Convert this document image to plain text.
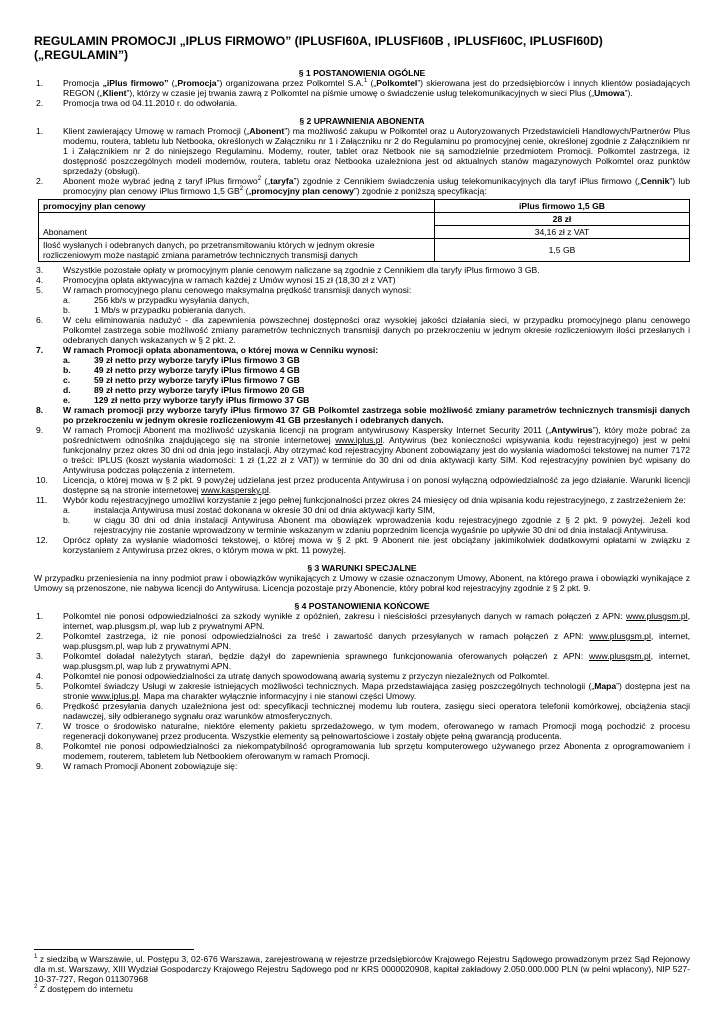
REGULAMIN PROMOCJI „IPLUS FIRMOWO” (IPLUSFI60A, IPLUSFI60B , IPLUSFI60C, IPLUSFI60D)
(„REGULAMIN”)
§ 1 POSTANOWIENIA OGÓLNE
1. Promocja „iPlus firmowo” („Promocja”) organizowana przez Polkomtel S.A.$^1$ („Polkomtel”) skierowana jest do przedsiębiorców i innych klientów posiadających REGON („Klient”), którzy w czasie jej trwania zawrą z Polkomtel na piśmie umowę o świadczenie usług telekomunikacyjnych w sieci Plus („Umowa”).
2. Promocja trwa od 04.11.2010 r. do odwołania.
§ 2 UPRAWNIENIA ABONENTA
1. Klient zawierający Umowę w ramach Promocji („Abonent”) ma możliwość zakupu w Polkomtel oraz u Autoryzowanych Przedstawicieli Handlowych/Partnerów Plus modemu, routera, tabletu lub Netbooka, określonych w Załączniku nr 1 i Załączniku nr 2 do Regulaminu po promocyjnej cenie, określonej zgodnie z Załącznikiem nr 1 i Załącznikiem nr 2 do niniejszego Regulaminu. Modemy, router, tablet oraz Netbook nie są samodzielnie przedmiotem Promocji. Polkomtel zastrzega, iż dostępność poszczególnych modeli modemów, routera, tabletu oraz Netbooka uzależniona jest od aktualnych stanów magazynowych Polkomtel oraz punktów sprzedaży (obsługi).
2. Abonent może wybrać jedną z taryf iPlus firmowo$^2$ („taryfa”) zgodnie z Cennikiem świadczenia usług telekomunikacyjnych dla taryf iPlus firmowo („Cennik”) lub promocyjny plan cenowy iPlus firmowo 1,5 $GB^2$ („promocyjny plan cenowy”) zgodnie z poniższą specyfikacją:
promocyjny plan cenowy	iPlus firmowo 1,5 GB
Abonament	28 zł
	34,16 zł z VAT
Ilość wysłanych i odebranych danych, po przetransmitowaniu których w jednym okresie rozliczeniowym może nastąpić zmiana parametrów technicznych transmisji danych	1,5 GB
3. Wszystkie pozostałe opłaty w promocyjnym planie cenowym naliczane są zgodnie z Cennikiem dla taryfy iPlus firmowo 3 GB.
4. Promocyjna opłata aktywacyjna w ramach każdej z Umów wynosi 15 zł (18,30 zł z VAT)
5. W ramach promocyjnego planu cenowego maksymalna prędkość transmisji danych wynosi:
a.	256 kb/s w przypadku wysyłania danych,
b.	1 Mb/s w przypadku pobierania danych.
6. W celu eliminowania nadużyć - dla zapewnienia powszechnej dostępności oraz wysokiej jakości działania sieci, w przypadku promocyjnego planu cenowego Polkomtel zastrzega sobie możliwość zmiany parametrów technicznych transmisji danych po przekroczeniu w jednym okresie rozliczeniowym ilości przesłanych i odebranych danych wskazanych w § 2 pkt. 2.
7. W ramach Promocji opłata abonamentowa, o której mowa w Cenniku wynosi:
a.	39 zł netto przy wyborze taryfy iPlus firmowo 3 GB
b.	49 zł netto przy wyborze taryfy iPlus firmowo 4 GB
c.	59 zł netto przy wyborze taryfy iPlus firmowo 7 GB
d.	89 zł netto przy wyborze taryfy iPlus firmowo 20 GB
e.	129 zł netto przy wyborze taryfy iPlus firmowo 37 GB
8. W ramach promocji przy wyborze taryfy iPlus firmowo 37 GB Polkomtel zastrzega sobie możliwość zmiany parametrów technicznych transmisji danych po przekroczeniu w jednym okresie rozliczeniowym 41 GB przesłanych i odebranych danych.
9. W ramach Promocji Abonent ma możliwość uzyskania licencji na program antywirusowy Kaspersky Internet Security 2011 („Antywirus”), który może pobrać za pośrednictwem odnośnika znajdującego się na stronie internetowej www.iplus.pl. Antywirus (bez konieczności wpisywania kodu rejestracyjnego) jest w pełni funkcjonalny przez okres 30 dni od dnia jego instalacji. Aby otrzymać kod rejestracyjny Abonent zobowiązany jest do wysłania wiadomości tekstowej na numer 7172 o treści: IPLUS (koszt wysłania wiadomości: 1 zł (1,22 zł z VAT)) w terminie do 30 dni od dnia aktywacji karty SIM. Kod rejestracyjny powinien być wpisany do Antywirusa podczas połączenia z internetem.
10. Licencja, o której mowa w § 2 pkt. 9 powyżej udzielana jest przez producenta Antywirusa i on ponosi wyłączną odpowiedzialność za jego działanie. Warunki licencji dostępne są na stronie internetowej www.kaspersky.pl.
11. Wybór kodu rejestracyjnego umożliwi korzystanie z jego pełnej funkcjonalności przez okres 24 miesięcy od dnia wpisania kodu rejestracyjnego, z zastrzeżeniem że:
a.	instalacja Antywirusa musi zostać dokonana w okresie 30 dni od dnia aktywacji karty SIM,
b.	w ciągu 30 dni od dnia instalacji Antywirusa Abonent ma obowiązek wprowadzenia kodu rejestracyjnego zgodnie z § 2 pkt. 9 powyżej. Jeżeli kod rejestracyjny nie zostanie wprowadzony w terminie wskazanym w zdaniu poprzednim licencja wygaśnie po upływie 30 dni od dnia instalacji Antywirusa.
12. Oprócz opłaty za wysłanie wiadomości tekstowej, o której mowa w § 2 pkt. 9 Abonent nie jest obciążany jakimikolwiek dodatkowymi opłatami w związku z korzystaniem z Antywirusa przez okres, o którym mowa w pkt. 11 powyżej.
§ 3 WARUNKI SPECJALNE
W przypadku przeniesienia na inny podmiot praw i obowiązków wynikających z Umowy w czasie oznaczonym Umowy, Abonent, na którego prawa i obowiązki wynikające z Umowy są przenoszone, nie nabywa licencji do Antywirusa. Licencja pozostaje przy Abonencie, który pobrał kod rejestracyjny zgodnie z § 2 pkt. 9.
§ 4 POSTANOWIENIA KOŃCOWE
1. Polkomtel nie ponosi odpowiedzialności za szkody wynikłe z opóźnień, zakresu i nieścisłości przesyłanych danych w ramach połączeń z APN: www.plusgsm.pl, internet, wap.plusgsm.pl, wap lub z prywatnymi APN.
2. Polkomtel zastrzega, iż nie ponosi odpowiedzialności za treść i zawartość danych przesyłanych w ramach połączeń z APN: www.plusgsm.pl, internet, wap.plusgsm.pl, wap lub z prywatnymi APN.
3. Polkomtel doładał należytych starań, będzie dążył do zapewnienia sprawnego funkcjonowania oferowanych połączeń z APN: www.plusgsm.pl, internet, wap.plusgsm.pl, wap lub z prywatnymi APN.
4. Polkomtel nie ponosi odpowiedzialności za utratę danych spowodowaną awarią systemu z przyczyn niezależnych od Polkomtel.
5. Polkomtel świadczy Usługi w zakresie istniejących możliwości technicznych. Mapa przedstawiająca zasięg poszczególnych technologii („Mapa”) dostępna jest na stronie www.iplus.pl. Mapa ma charakter wyłącznie informacyjny i nie stanowi części Umowy.
6. Prędkość przesyłania danych uzależniona jest od: specyfikacji technicznej modemu lub routera, zasięgu sieci operatora telefonii komórkowej, obciążenia stacji nadawczej, siły odbieranego sygnału oraz warunków atmosferycznych.
7. W trosce o środowisko naturalne, niektóre elementy pakietu sprzedażowego, w tym modem, oferowanego w ramach Promocji mogą pochodzić z procesu regeneracji dokonywanej przez producenta. Wszystkie elementy są pełnowartościowe i zostały objęte pełną gwarancją producenta.
8. Polkomtel nie ponosi odpowiedzialności za niekompatybilność oprogramowania lub sprzętu komputerowego używanego przez Abonenta z oprogramowaniem i modemem, routerem, tabletem lub Netbookiem oferowanym w ramach Promocji.
9. W ramach Promocji Abonent zobowiązuje się:
$^1$ z siedzibą w Warszawie, ul. Postępu 3, 02-676 Warszawa, zarejestrowaną w rejestrze przedsiębiorców Krajowego Rejestru Sądowego prowadzonym przez Sąd Rejonowy dla m.st. Warszawy, XIII Wydział Gospodarczy Krajowego Rejestru Sądowego pod nr KRS 0000020908, kapitał zakładowy 2.050.000.000 PLN (w pełni wpłacony), NIP 527-10-37-727, Regon 011307968
$^2$ Z dostępem do internetu
